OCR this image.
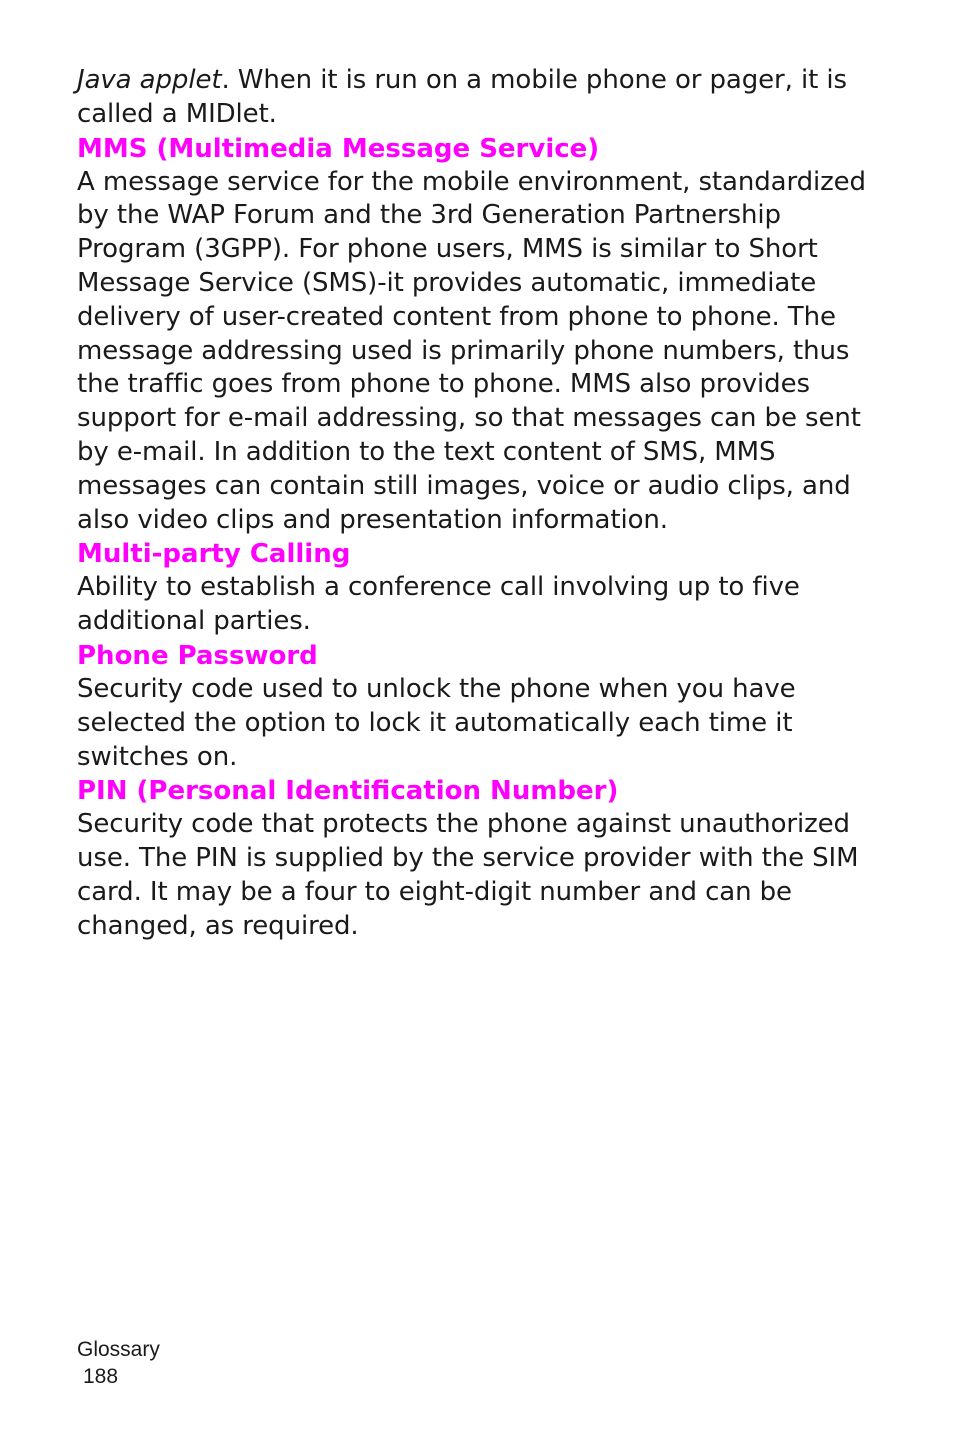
Java applet. When it is run on a mobile phone or pager, it is called a MIDlet.

MMS (Multimedia Message Service)

A message service for the mobile environment, standardized by the WAP Forum and the 3rd Generation Partnership Program (3GPP). For phone users, MMS is similar to Short Message Service (SMS)-it provides automatic, immediate delivery of user-created content from phone to phone. The message addressing used is primarily phone numbers, thus the traffic goes from phone to phone. MMS also provides support for e-mail addressing, so that messages can be sent by e-mail. In addition to the text content of SMS, MMS messages can contain still images, voice or audio clips, and also video clips and presentation information.

Multi-party Calling

Ability to establish a conference call involving up to five additional parties.

Phone Password

Security code used to unlock the phone when you have selected the option to lock it automatically each time it switches on.

PIN (Personal Identification Number)

Security code that protects the phone against unauthorized use. The PIN is supplied by the service provider with the SIM card. It may be a four to eight-digit number and can be changed, as required.

Glossary
188
